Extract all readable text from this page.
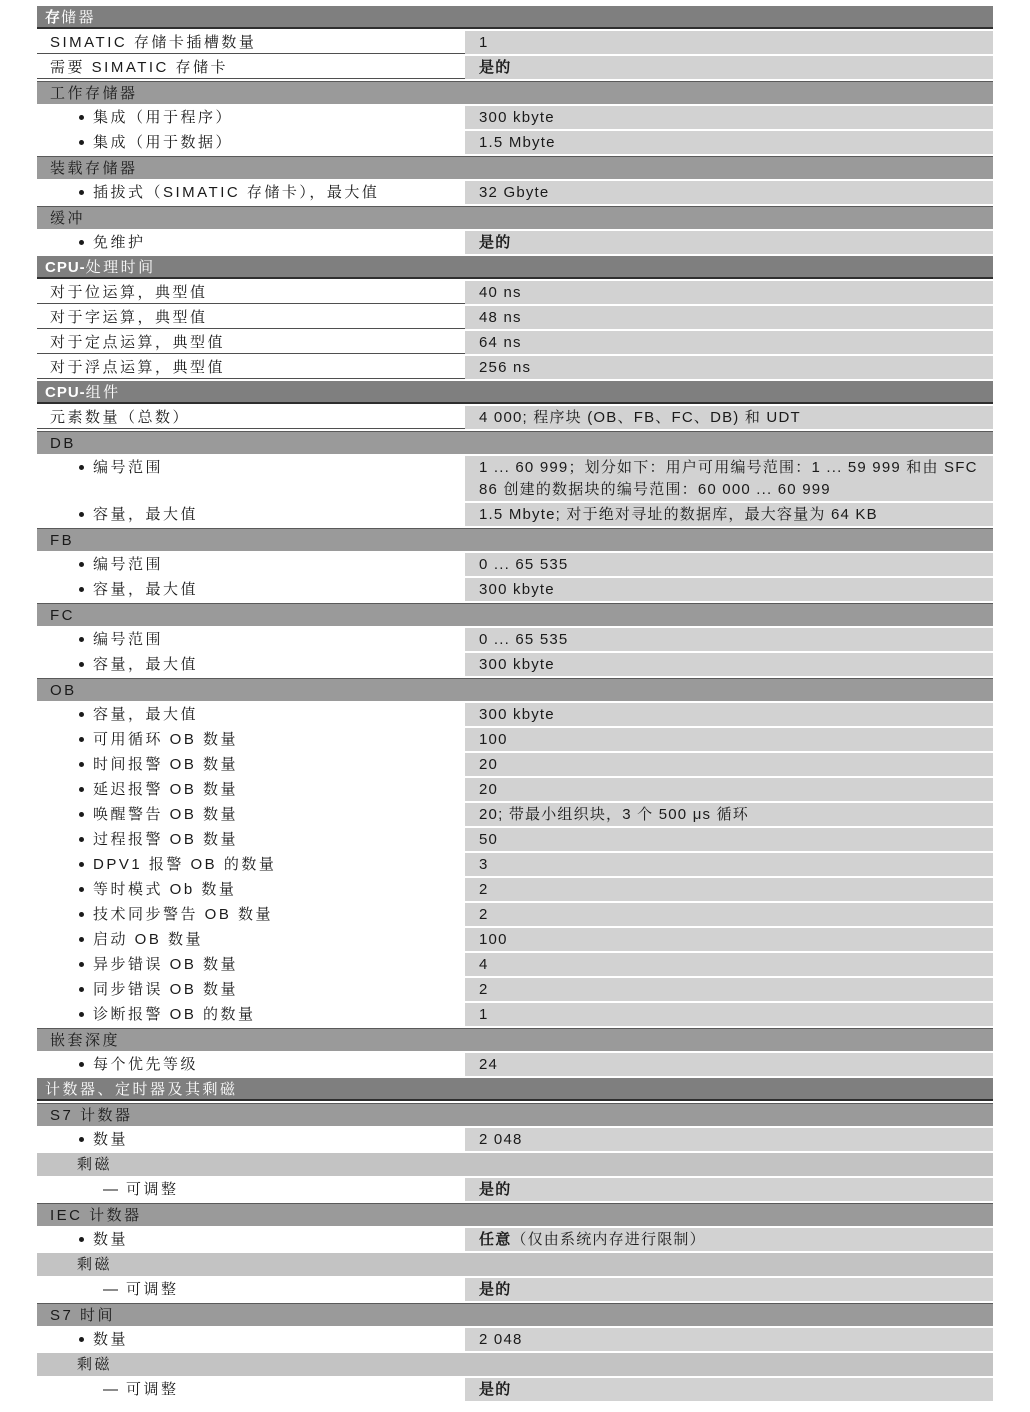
存储器
SIMATIC 存储卡插槽数量	1
需要 SIMATIC 存储卡	是的
工作存储器
集成（用于程序）	300 kbyte
集成（用于数据）	1.5 Mbyte
装载存储器
插拔式（SIMATIC 存储卡），最大值	32 Gbyte
缓冲
免维护	是的
CPU-处理时间
对于位运算，典型值	40 ns
对于字运算，典型值	48 ns
对于定点运算，典型值	64 ns
对于浮点运算，典型值	256 ns
CPU-组件
元素数量（总数）	4 000; 程序块 (OB、FB、FC、DB) 和 UDT
DB
编号范围	1 ... 60 999；划分如下：用户可用编号范围：1 ... 59 999 和由 SFC 86 创建的数据块的编号范围：60 000 ... 60 999
容量，最大值	1.5 Mbyte; 对于绝对寻址的数据库，最大容量为 64 KB
FB
编号范围	0 ... 65 535
容量，最大值	300 kbyte
FC
编号范围	0 ... 65 535
容量，最大值	300 kbyte
OB
容量，最大值	300 kbyte
可用循环 OB 数量	100
时间报警 OB 数量	20
延迟报警 OB 数量	20
唤醒警告 OB 数量	20; 带最小组织块，3 个 500 μs 循环
过程报警 OB 数量	50
DPV1 报警 OB 的数量	3
等时模式 Ob 数量	2
技术同步警告 OB 数量	2
启动 OB 数量	100
异步错误 OB 数量	4
同步错误 OB 数量	2
诊断报警 OB 的数量	1
嵌套深度
每个优先等级	24
计数器、定时器及其剩磁
S7 计数器
数量	2 048
剩磁
— 可调整	是的
IEC 计数器
数量	任意（仅由系统内存进行限制）
剩磁
— 可调整	是的
S7 时间
数量	2 048
剩磁
— 可调整	是的
